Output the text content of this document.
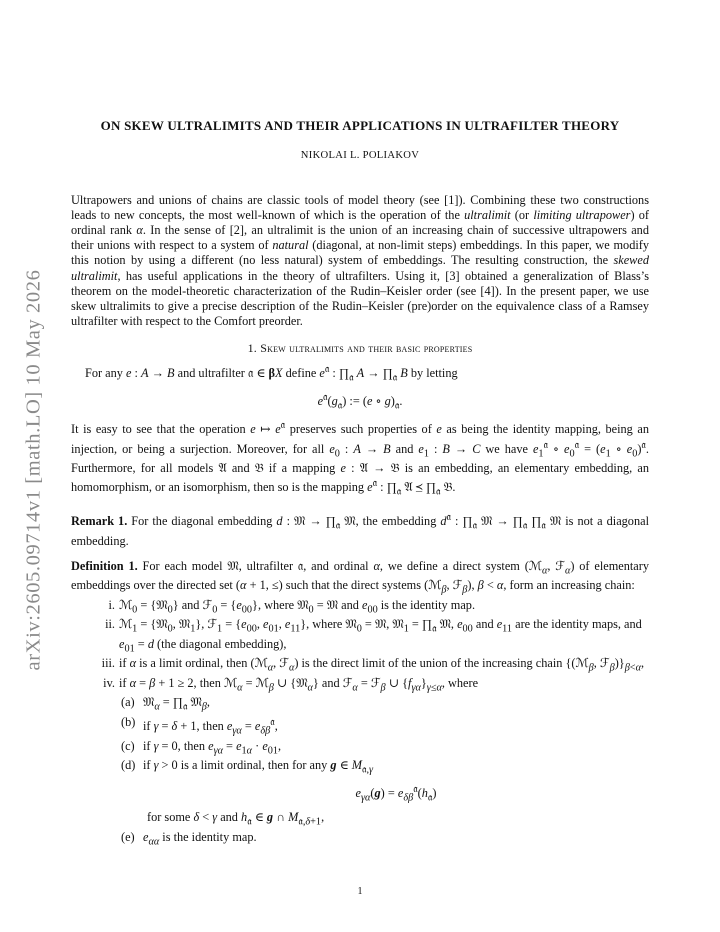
arXiv:2605.09714v1 [math.LO] 10 May 2026
ON SKEW ULTRALIMITS AND THEIR APPLICATIONS IN ULTRAFILTER THEORY
NIKOLAI L. POLIAKOV
Ultrapowers and unions of chains are classic tools of model theory (see [1]). Combining these two constructions leads to new concepts, the most well-known of which is the operation of the ultralimit (or limiting ultrapower) of ordinal rank α. In the sense of [2], an ultralimit is the union of an increasing chain of successive ultrapowers and their unions with respect to a system of natural (diagonal, at non-limit steps) embeddings. In this paper, we modify this notion by using a different (no less natural) system of embeddings. The resulting construction, the skewed ultralimit, has useful applications in the theory of ultrafilters. Using it, [3] obtained a generalization of Blass’s theorem on the model-theoretic characterization of the Rudin–Keisler order (see [4]). In the present paper, we use skew ultralimits to give a precise description of the Rudin–Keisler (pre)order on the equivalence class of a Ramsey ultrafilter with respect to the Comfort preorder.
1. Skew ultralimits and their basic properties

For any e : A → B and ultrafilter 𝔞 ∈ βX define $e^𝔞$ : $\prod_𝔞$ $A \to \prod_𝔞$ B by letting

$e^𝔞(g_𝔞)$ := (e ∘ $g)_𝔞$.

It is easy to see that the operation e ↦ $e^𝔞$ preserves such properties of e as being the identity mapping, being an injection, or being a surjection. Moreover, for all $e_0$ : A → B and $e_1$ : B → C we have $e_1^𝔞$ ∘ $e_0^𝔞 = (e_1$ ∘ $e_0)^𝔞$. Furthermore, for all models 𝔄 and 𝔅 if a mapping e : 𝔄 → 𝔅 is an embedding, an elementary embedding, an homomorphism, or an isomorphism, then so is the mapping $e^𝔞$ : $\prod_𝔞$ 𝔄 ⪯ $\prod_𝔞$ 𝔅.

Remark 1. For the diagonal embedding d : 𝔐 → $\prod_𝔞$ 𝔐, the embedding $d^𝔞$ : $\prod_𝔞$ 𝔐 → $\prod_𝔞$ $\prod_𝔞$ 𝔐 is not a diagonal embedding.

Definition 1. For each model 𝔐, ultrafilter 𝔞, and ordinal α, we define a direct system (ℳ$_\alpha$, ℱ$_\alpha$) of elementary embeddings over the directed set (α + 1, ≤) such that the direct systems (ℳ$_\beta$, ℱ$_\beta$), β < α, form an increasing chain:

i. ℳ$_0$ = {𝔐$_0$} and ℱ$_0$ = $\{e_{00}\}$, where 𝔐$_0$ = 𝔐 and $e_{00}$ is the identity map.
ii. ℳ$_1$ = {𝔐$_0$, 𝔐$_1$}, ℱ$_1$ = {$e_{00}$, $e_{01}$, $e_{11}$}, where 𝔐$_0$ = 𝔐, 𝔐$_1$ = $\prod_𝔞$ 𝔐, $e_{00}$ and $e_{11}$ are the identity maps, and $e_{01} = d$ (the diagonal embedding),
iii. if α is a limit ordinal, then (ℳ$_\alpha$, ℱ$_\alpha$) is the direct limit of the union of the increasing chain {(ℳ$_\beta$, $ℱ_\beta)\}_{\beta<\alpha}$,
iv. if α = β + 1 ≥ 2, then ℳ$_\alpha$ = ℳ$_\beta$ ∪ {𝔐$_\alpha$} and ℱ$_\alpha$ = ℱ$_\beta$ ∪ $\{f_{\gamma\alpha}\}_{\gamma\le\alpha}$, where
(a) 𝔐$_\alpha$ = $\prod_𝔞$ 𝔐$_\beta$,
(b) if γ = δ + 1, then $e_{\gamma\alpha} = e_{\delta\beta}^𝔞$,
(c) if γ = 0, then $e_{\gamma\alpha} = e_{1\alpha} \cdot e_{01}$,
(d) if γ > 0 is a limit ordinal, then for any g ∈ $M_{𝔞,\gamma}$
$e_{\gamma\alpha}(g) = e_{\delta\beta}^𝔞(h_𝔞)$
for some δ < γ and $h_𝔞$ ∈ g ∩ $M_{𝔞,\delta+1}$,
(e) $e_{\alpha\alpha}$ is the identity map.
1
